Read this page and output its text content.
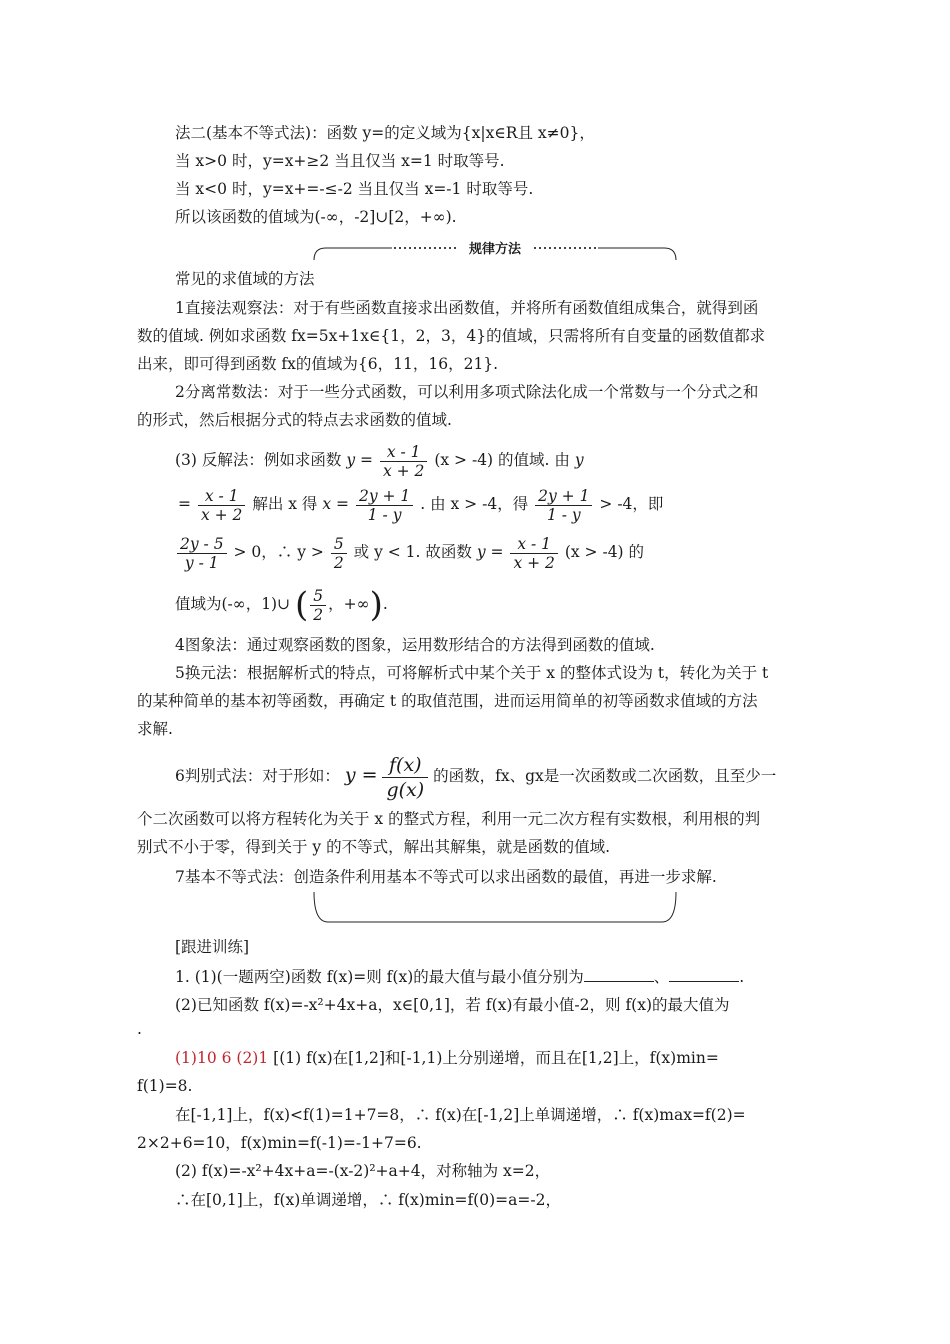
法二(基本不等式法)：函数 y=的定义域为{x|x∈R且 x≠0}，
当 x>0 时，y=x+≥2 当且仅当 x=1 时取等号.
当 x<0 时，y=x+=-≤-2 当且仅当 x=-1 时取等号.
所以该函数的值域为(-∞，-2]∪[2，+∞).
规律方法
常见的求值域的方法
1直接法观察法：对于有些函数直接求出函数值，并将所有函数值组成集合，就得到函
数的值域. 例如求函数 fx=5x+1x∈{1，2，3，4}的值域，只需将所有自变量的函数值都求
出来，即可得到函数 fx的值域为{6，11，16，21}.
2分离常数法：对于一些分式函数，可以利用多项式除法化成一个常数与一个分式之和
的形式，然后根据分式的特点去求函数的值域.
(3) 反解法：例如求函数 $y = \frac{x - 1}{x + 2} (x > -4)$ 的值域. 由 y
= $\frac{x - 1}{x + 2}$ 解出 x 得 $x = \frac{2y + 1}{1 - y}$ . 由 x > -4，得 $\frac{2y + 1}{1 - y} > -4$，即
$\frac{2y - 5}{y - 1} > 0$，∴ $y > \frac{5}{2}$ 或 y < 1. 故函数 $y = \frac{x - 1}{x + 2} (x > -4)$ 的
值域为(-∞，1)∪ ( $\frac{5}{2}$ ，+∞).
4图象法：通过观察函数的图象，运用数形结合的方法得到函数的值域.
5换元法：根据解析式的特点，可将解析式中某个关于 x 的整体式设为 t，转化为关于 t
的某种简单的基本初等函数，再确定 t 的取值范围，进而运用简单的初等函数求值域的方法
求解.
6判别式法：对于形如： $y = \frac{f(x)}{g(x)}$ 的函数，fx、gx是一次函数或二次函数，且至少一
个二次函数可以将方程转化为关于 x 的整式方程，利用一元二次方程有实数根，利用根的判
别式不小于零，得到关于 y 的不等式，解出其解集，就是函数的值域.
7基本不等式法：创造条件利用基本不等式可以求出函数的最值，再进一步求解.
[跟进训练]
1. (1)(一题两空)函数 f(x)=则 f(x)的最大值与最小值分别为	、	.
(2)已知函数 f(x)=-x²+4x+a，x∈[0,1]，若 f(x)有最小值-2，则 f(x)的最大值为
.
(1)10 6 (2)1 [(1) f(x)在[1,2]和[-1,1)上分别递增，而且在[1,2]上，f(x)min=
f(1)=8.
在[-1,1]上，f(x)<f(1)=1+7=8，∴ f(x)在[-1,2]上单调递增，∴ f(x)max=f(2)=
2×2+6=10，f(x)min=f(-1)=-1+7=6.
(2) f(x)=-x²+4x+a=-(x-2)²+a+4，对称轴为 x=2，
∴在[0,1]上，f(x)单调递增，∴ f(x)min=f(0)=a=-2，
